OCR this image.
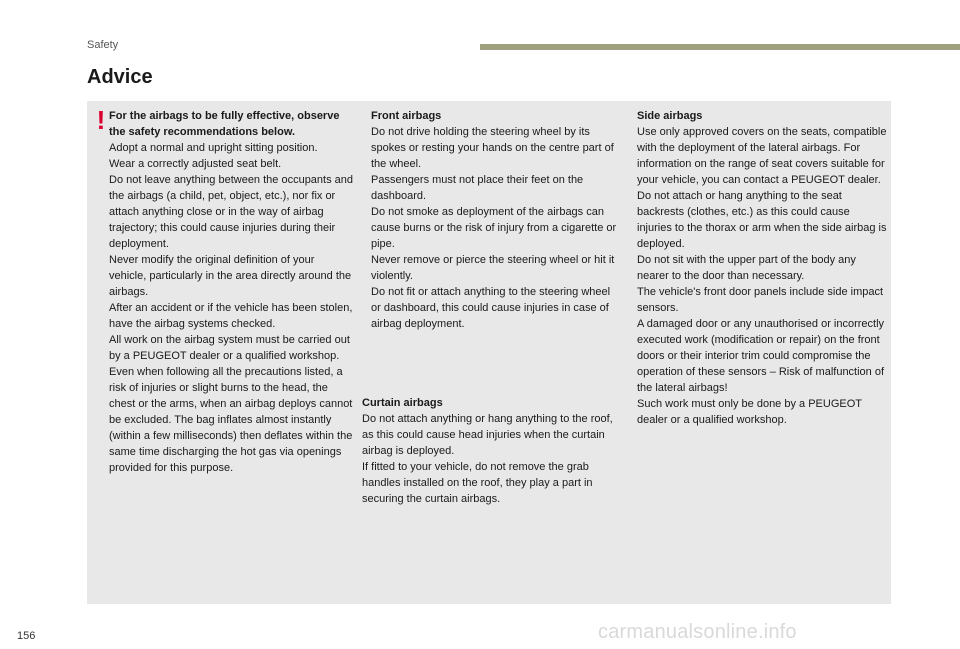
Safety
Advice
! For the airbags to be fully effective, observe the safety recommendations below.

Adopt a normal and upright sitting position.

Wear a correctly adjusted seat belt.

Do not leave anything between the occupants and the airbags (a child, pet, object, etc.), nor fix or attach anything close or in the way of airbag trajectory; this could cause injuries during their deployment.

Never modify the original definition of your vehicle, particularly in the area directly around the airbags.

After an accident or if the vehicle has been stolen, have the airbag systems checked.

All work on the airbag system must be carried out by a PEUGEOT dealer or a qualified workshop.

Even when following all the precautions listed, a risk of injuries or slight burns to the head, the chest or the arms, when an airbag deploys cannot be excluded. The bag inflates almost instantly (within a few milliseconds) then deflates within the same time discharging the hot gas via openings provided for this purpose.

Front airbags

Do not drive holding the steering wheel by its spokes or resting your hands on the centre part of the wheel.

Passengers must not place their feet on the dashboard.

Do not smoke as deployment of the airbags can cause burns or the risk of injury from a cigarette or pipe.

Never remove or pierce the steering wheel or hit it violently.

Do not fit or attach anything to the steering wheel or dashboard, this could cause injuries in case of airbag deployment.

Curtain airbags

Do not attach anything or hang anything to the roof, as this could cause head injuries when the curtain airbag is deployed.

If fitted to your vehicle, do not remove the grab handles installed on the roof, they play a part in securing the curtain airbags.

Side airbags

Use only approved covers on the seats, compatible with the deployment of the lateral airbags. For information on the range of seat covers suitable for your vehicle, you can contact a PEUGEOT dealer.

Do not attach or hang anything to the seat backrests (clothes, etc.) as this could cause injuries to the thorax or arm when the side airbag is deployed.

Do not sit with the upper part of the body any nearer to the door than necessary.

The vehicle's front door panels include side impact sensors.

A damaged door or any unauthorised or incorrectly executed work (modification or repair) on the front doors or their interior trim could compromise the operation of these sensors – Risk of malfunction of the lateral airbags!

Such work must only be done by a PEUGEOT dealer or a qualified workshop.

156	carmanualsonline.info
